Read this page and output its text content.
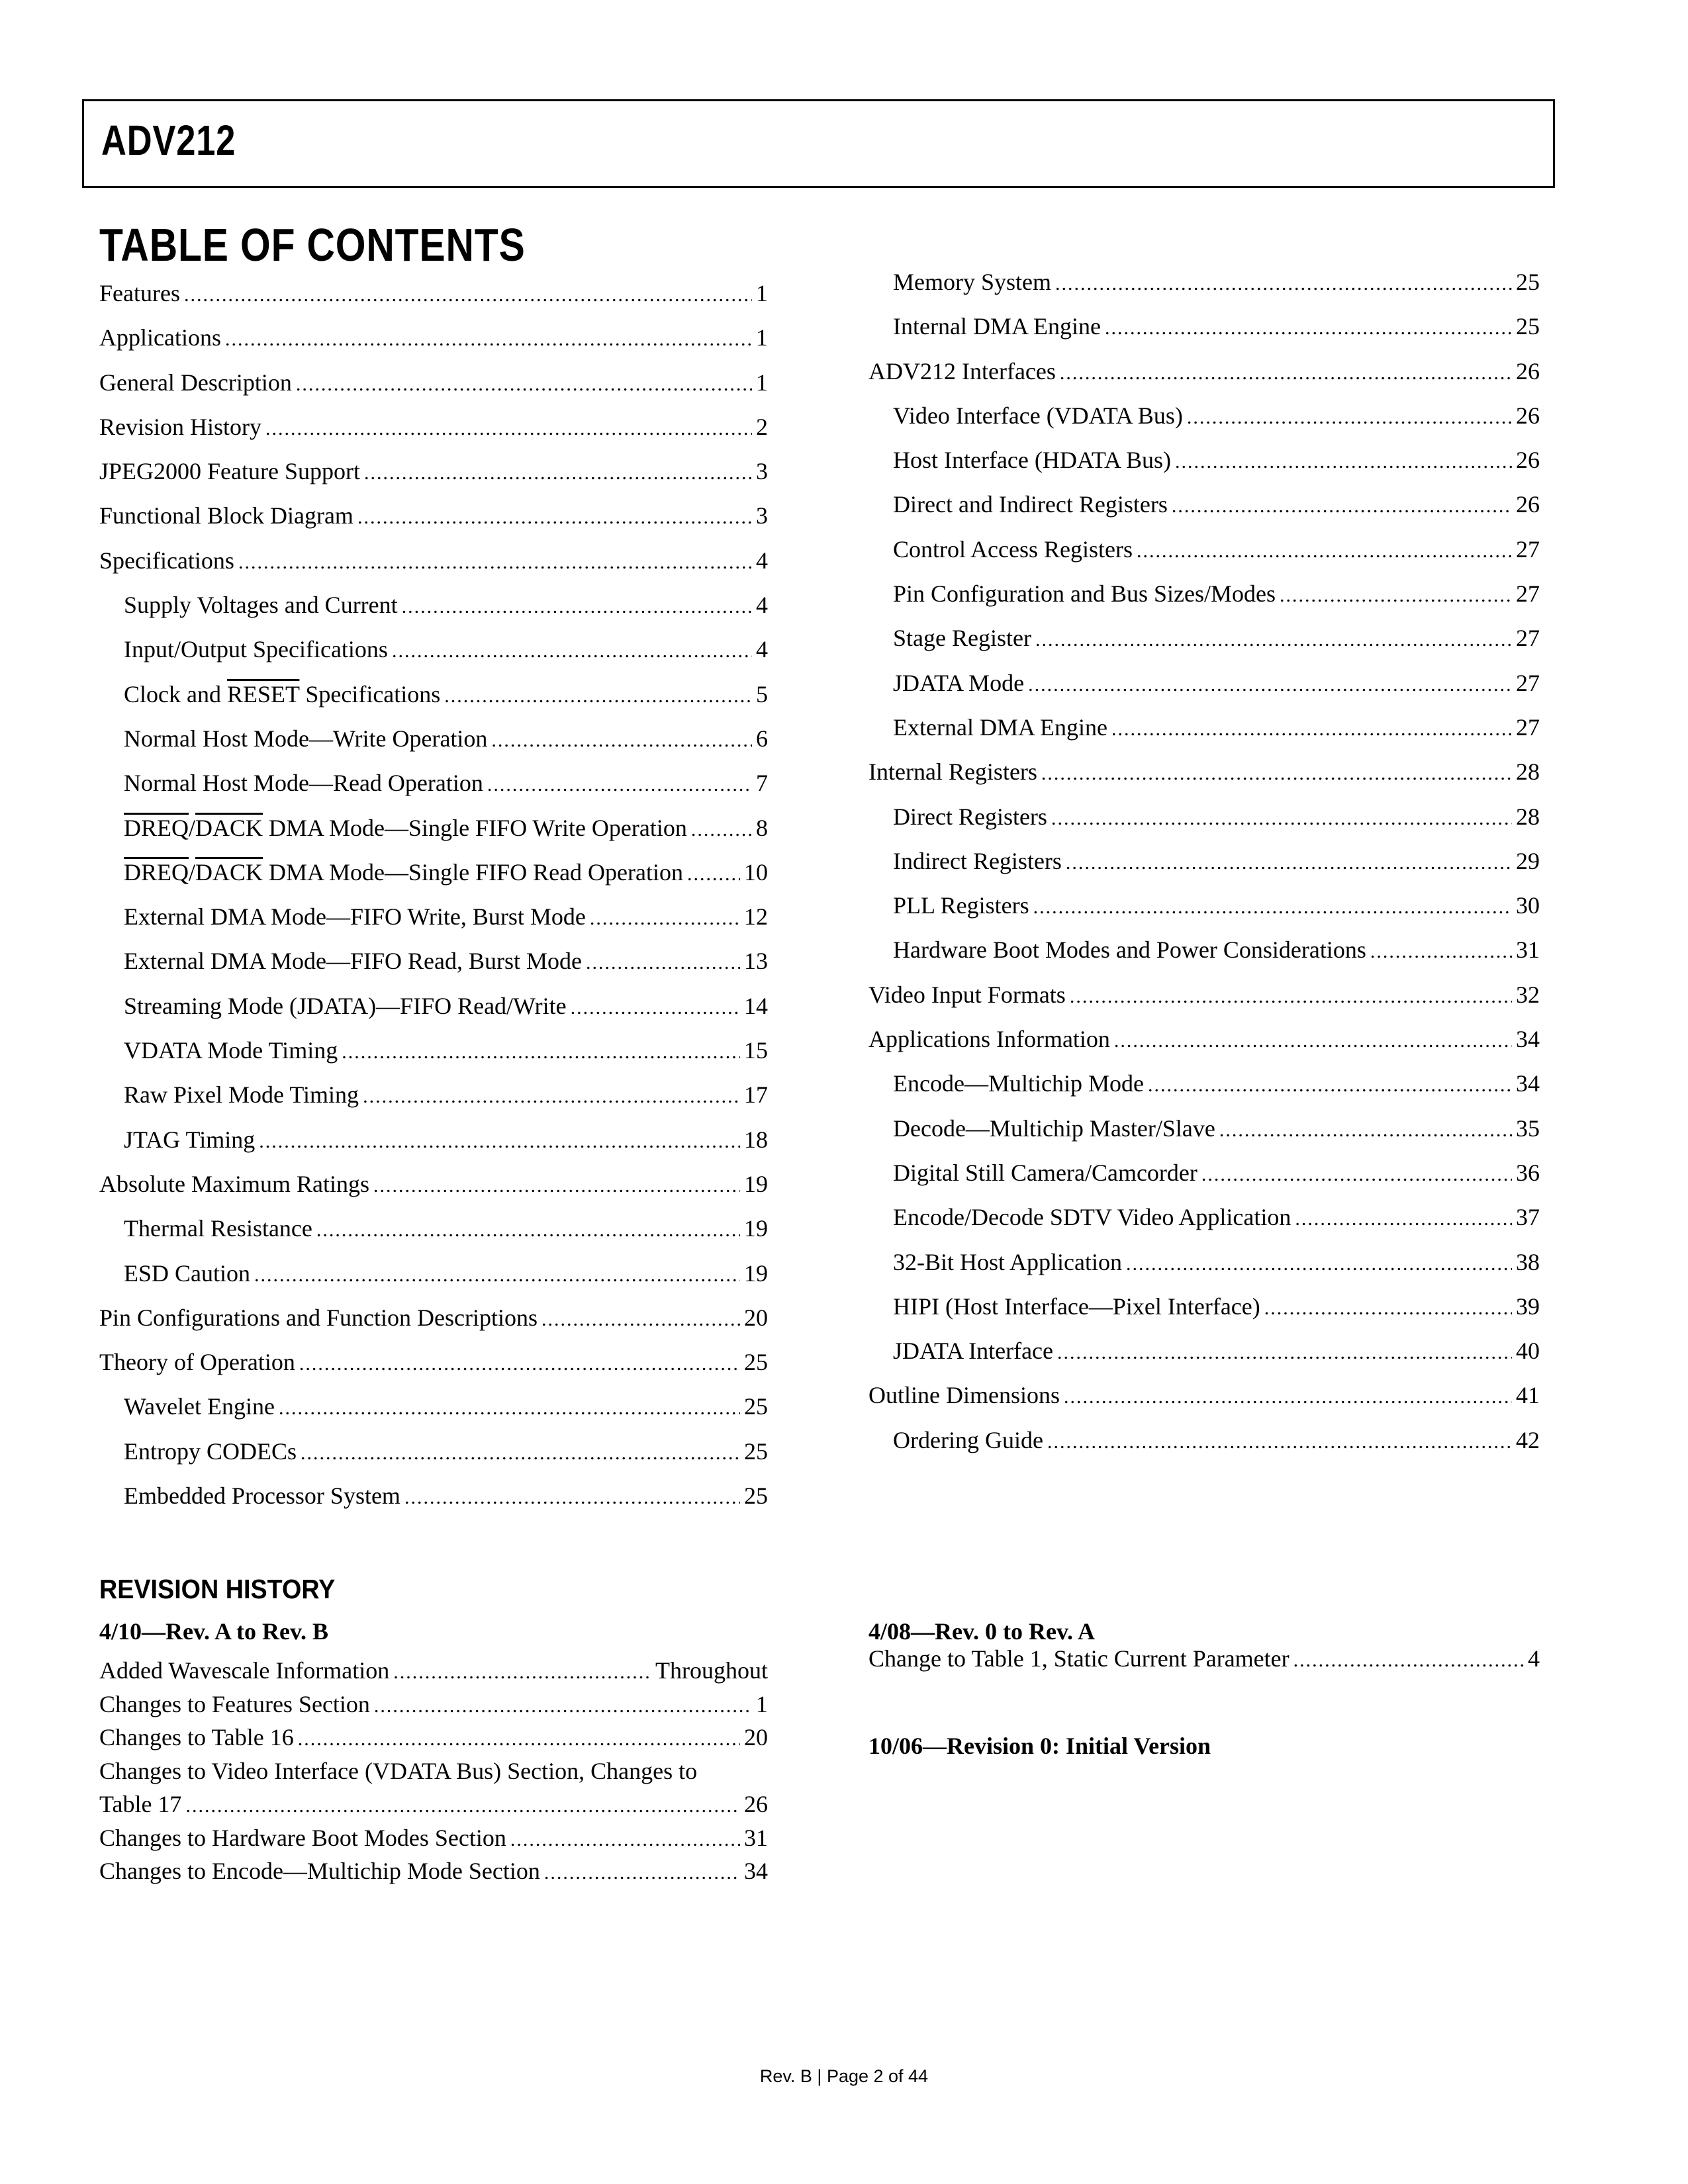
ADV212
TABLE OF CONTENTS
Features .....	1
Applications .....	1
General Description .....	1
Revision History .....	2
JPEG2000 Feature Support .....	3
Functional Block Diagram .....	3
Specifications .....	4
Supply Voltages and Current .....	4
Input/Output Specifications .....	4
Clock and RESET Specifications .....	5
Normal Host Mode—Write Operation .....	6
Normal Host Mode—Read Operation .....	7
DREQ/DACK DMA Mode—Single FIFO Write Operation .....	8
DREQ/DACK DMA Mode—Single FIFO Read Operation .....	10
External DMA Mode—FIFO Write, Burst Mode .....	12
External DMA Mode—FIFO Read, Burst Mode .....	13
Streaming Mode (JDATA)—FIFO Read/Write .....	14
VDATA Mode Timing .....	15
Raw Pixel Mode Timing .....	17
JTAG Timing .....	18
Absolute Maximum Ratings .....	19
Thermal Resistance .....	19
ESD Caution .....	19
Pin Configurations and Function Descriptions .....	20
Theory of Operation .....	25
Wavelet Engine .....	25
Entropy CODECs .....	25
Embedded Processor System .....	25
Memory System .....	25
Internal DMA Engine .....	25
ADV212 Interfaces .....	26
Video Interface (VDATA Bus) .....	26
Host Interface (HDATA Bus) .....	26
Direct and Indirect Registers .....	26
Control Access Registers .....	27
Pin Configuration and Bus Sizes/Modes .....	27
Stage Register .....	27
JDATA Mode .....	27
External DMA Engine .....	27
Internal Registers .....	28
Direct Registers .....	28
Indirect Registers .....	29
PLL Registers .....	30
Hardware Boot Modes and Power Considerations .....	31
Video Input Formats .....	32
Applications Information .....	34
Encode—Multichip Mode .....	34
Decode—Multichip Master/Slave .....	35
Digital Still Camera/Camcorder .....	36
Encode/Decode SDTV Video Application .....	37
32-Bit Host Application .....	38
HIPI (Host Interface—Pixel Interface) .....	39
JDATA Interface .....	40
Outline Dimensions .....	41
Ordering Guide .....	42
REVISION HISTORY
4/10—Rev. A to Rev. B
Added Wavescale Information .....	Throughout
Changes to Features Section .....	1
Changes to Table 16 .....	20
Changes to Video Interface (VDATA Bus) Section, Changes to
Table 17 .....	26
Changes to Hardware Boot Modes Section .....	31
Changes to Encode—Multichip Mode Section .....	34
4/08—Rev. 0 to Rev. A
Change to Table 1, Static Current Parameter .....	4
10/06—Revision 0: Initial Version
Rev. B | Page 2 of 44
